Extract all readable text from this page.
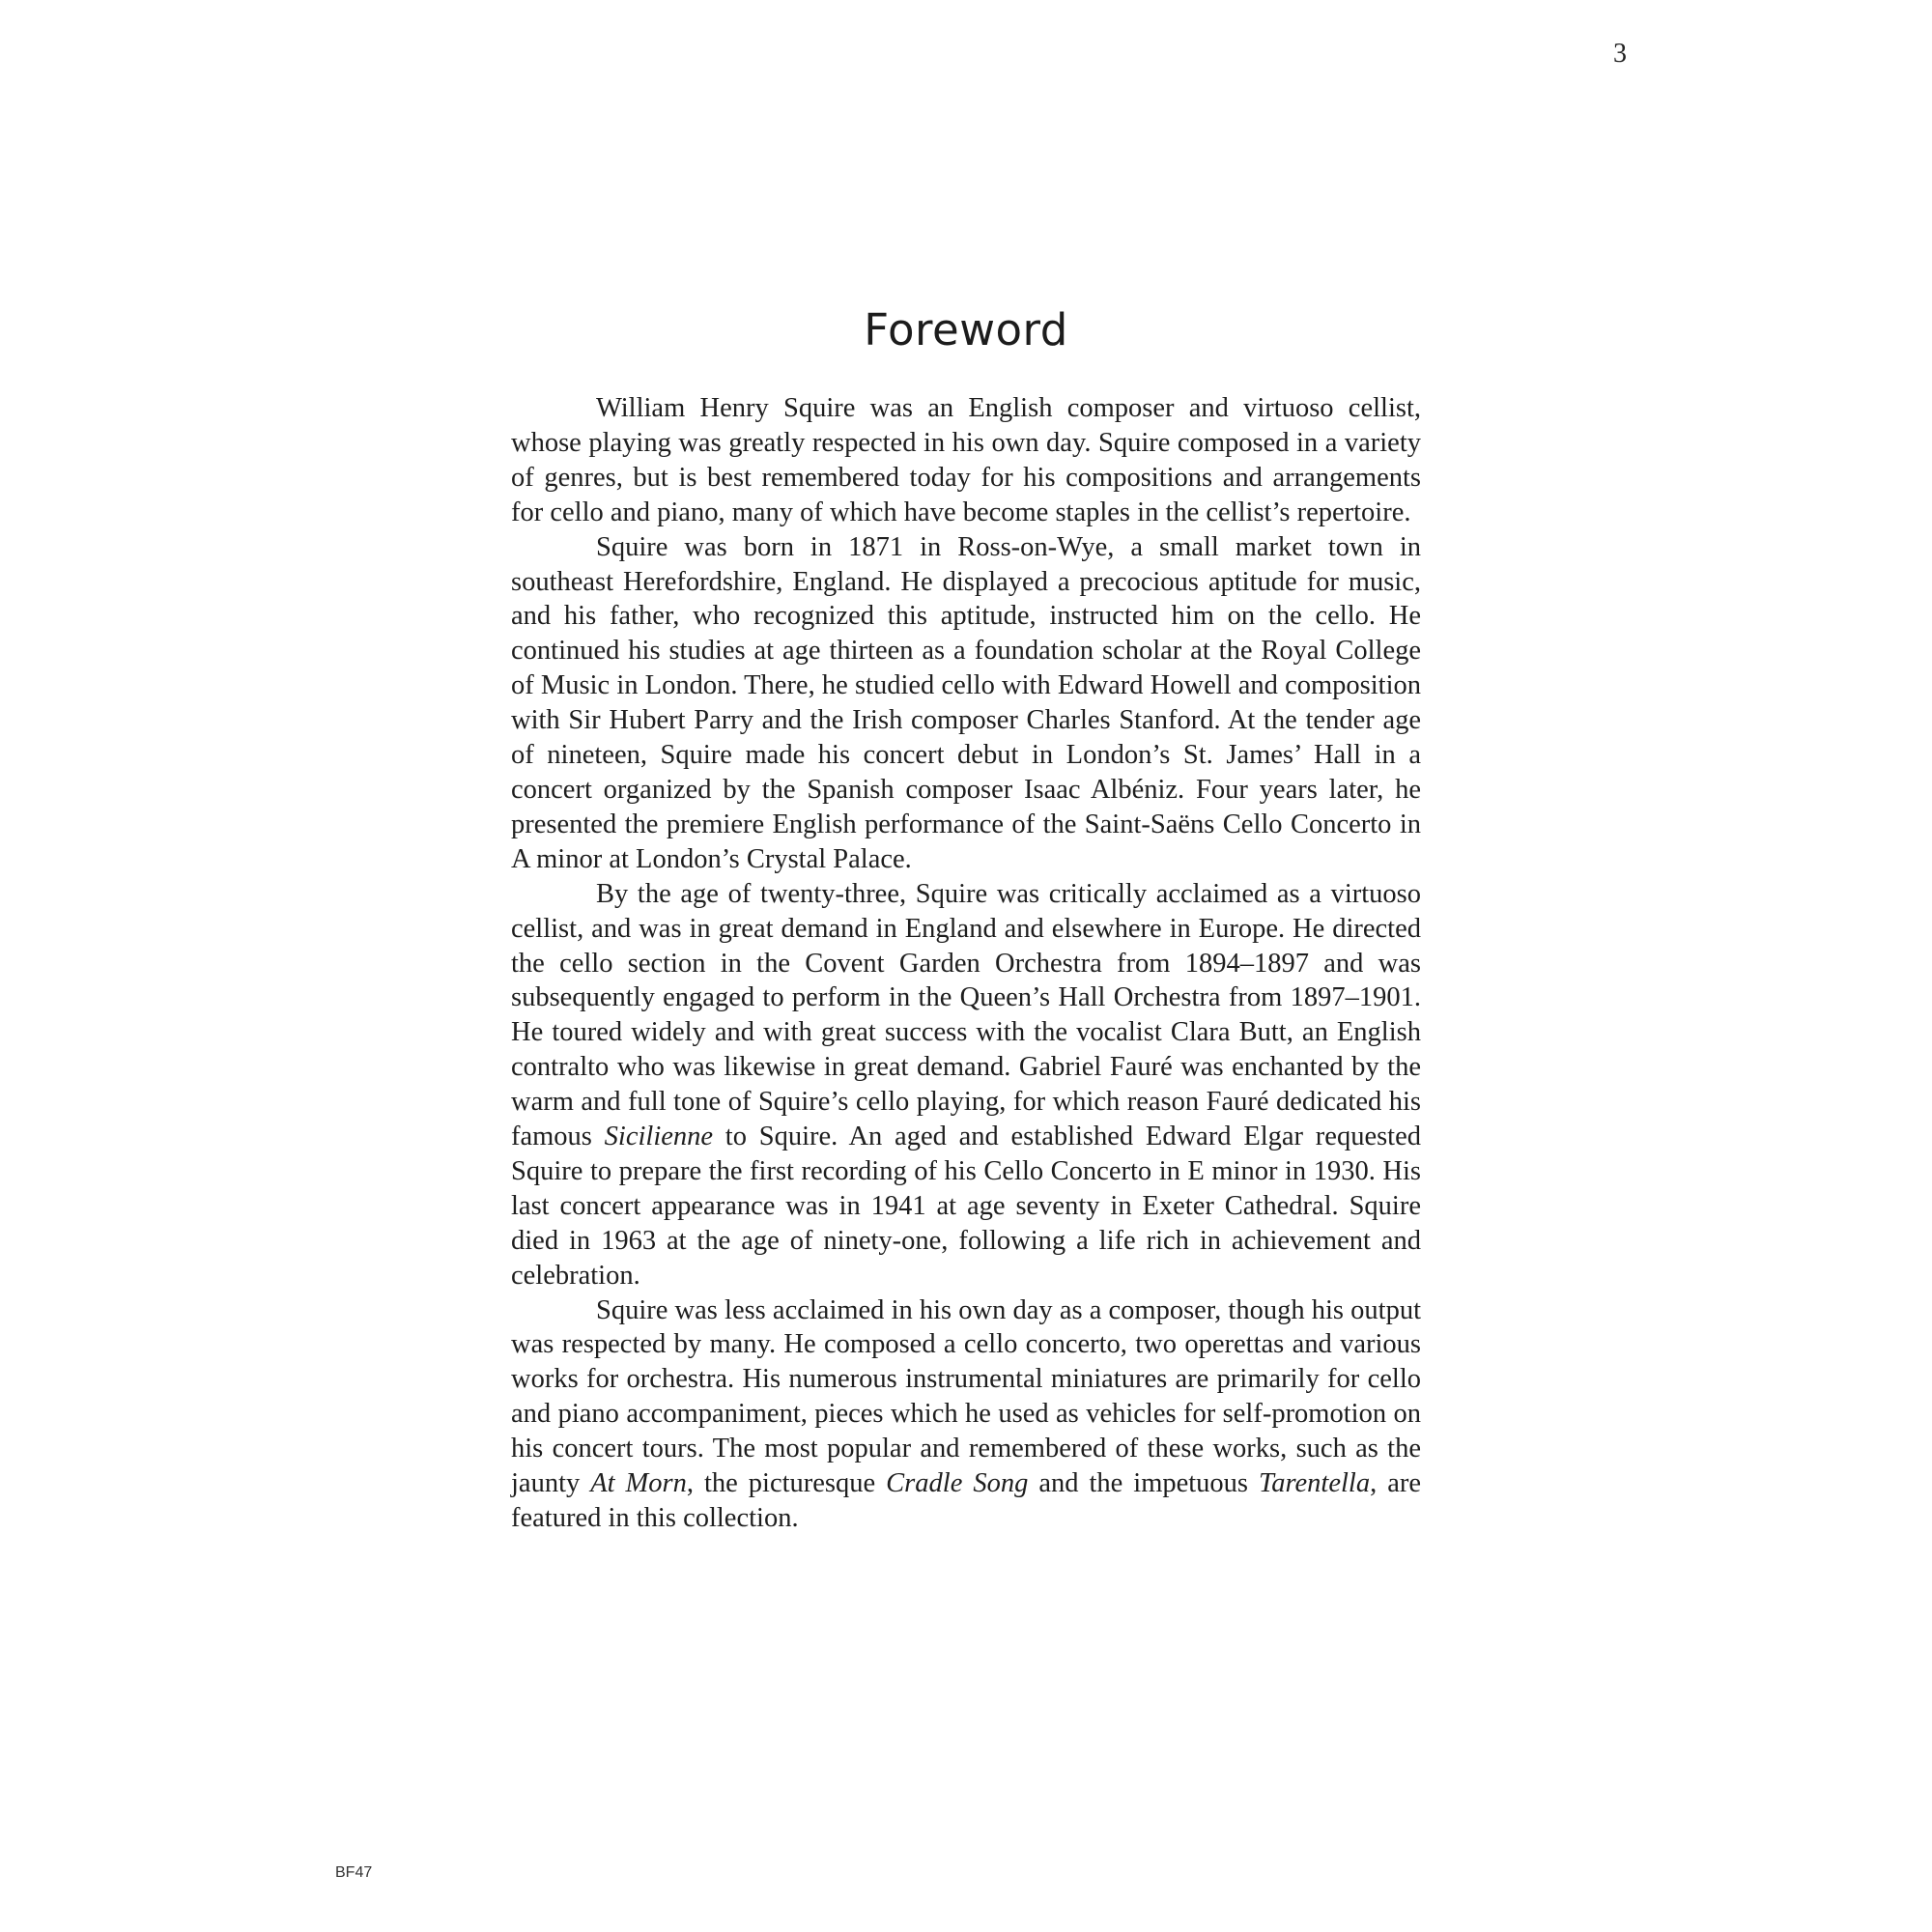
3
Foreword

William Henry Squire was an English composer and virtuoso cellist, whose playing was greatly respected in his own day. Squire composed in a variety of genres, but is best remembered today for his compositions and arrangements for cello and piano, many of which have become staples in the cellist’s repertoire.

Squire was born in 1871 in Ross-on-Wye, a small market town in southeast Herefordshire, England. He displayed a precocious aptitude for music, and his father, who recognized this aptitude, instructed him on the cello. He continued his studies at age thirteen as a foundation scholar at the Royal College of Music in London. There, he studied cello with Edward Howell and composition with Sir Hubert Parry and the Irish composer Charles Stanford. At the tender age of nineteen, Squire made his concert debut in London’s St. James’ Hall in a concert organized by the Spanish composer Isaac Albéniz. Four years later, he presented the premiere English performance of the Saint-Saëns Cello Concerto in A minor at London’s Crystal Palace.

By the age of twenty-three, Squire was critically acclaimed as a virtuoso cellist, and was in great demand in England and elsewhere in Europe. He directed the cello section in the Covent Garden Orchestra from 1894–1897 and was subsequently engaged to perform in the Queen’s Hall Orchestra from 1897–1901. He toured widely and with great success with the vocalist Clara Butt, an English contralto who was likewise in great demand. Gabriel Fauré was enchanted by the warm and full tone of Squire’s cello playing, for which reason Fauré dedicated his famous Sicilienne to Squire. An aged and established Edward Elgar requested Squire to prepare the first recording of his Cello Concerto in E minor in 1930. His last concert appearance was in 1941 at age seventy in Exeter Cathedral. Squire died in 1963 at the age of ninety-one, following a life rich in achievement and celebration.

Squire was less acclaimed in his own day as a composer, though his output was respected by many. He composed a cello concerto, two operettas and various works for orchestra. His numerous instrumental miniatures are primarily for cello and piano accompaniment, pieces which he used as vehicles for self-promotion on his concert tours. The most popular and remembered of these works, such as the jaunty At Morn, the picturesque Cradle Song and the impetuous Tarentella, are featured in this collection.

BF47
